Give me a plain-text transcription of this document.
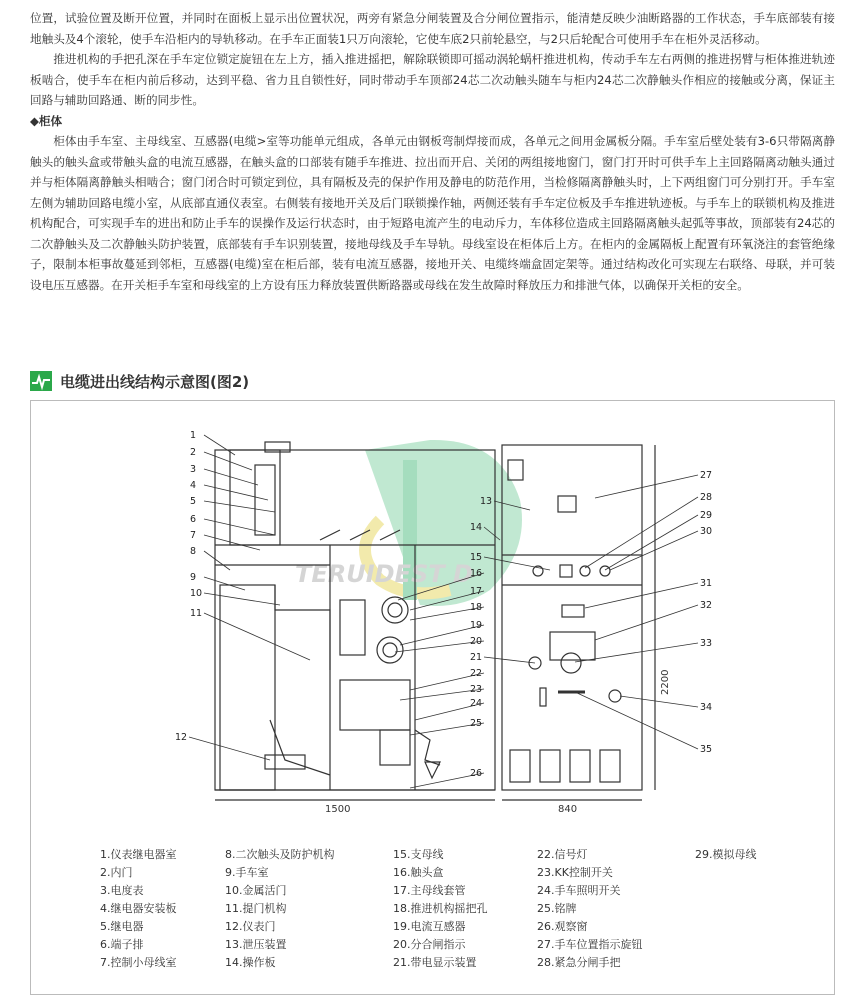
位置，试验位置及断开位置，并同时在面板上显示出位置状况，两旁有紧急分闸装置及合分闸位置指示，能清楚反映少油断路器的工作状态，手车底部装有接地触头及4个滚轮，使手车沿柜内的导轨移动。在手车正面装1只万向滚轮，它使车底2只前轮悬空，与2只后轮配合可使用手车在柜外灵活移动。

推进机构的手把孔深在手车定位锁定旋钮在左上方，插入推进摇把，解除联锁即可摇动涡轮蜗杆推进机构，传动手车左右两侧的推进拐臂与柜体推进轨迹板啮合，使手车在柜内前后移动，达到平稳、省力且自锁性好，同时带动手车顶部24芯二次动触头随车与柜内24芯二次静触头作相应的接触或分离，保证主回路与辅助回路通、断的同步性。

◆柜体

柜体由手车室、主母线室、互感器(电缆>室等功能单元组成，各单元由钢板弯制焊接而成，各单元之间用金属板分隔。手车室后壁处装有3-6只带隔离静触头的触头盒或带触头盒的电流互感器，在触头盒的口部装有随手车推进、拉出而开启、关闭的两组接地窗门，窗门打开时可供手车上主回路隔离动触头通过并与柜体隔离静触头相啮合；窗门闭合时可锁定到位，具有隔板及壳的保护作用及静电的防范作用，当检修隔离静触头时，上下两组窗门可分别打开。手车室左侧为辅助回路电缆小室，从底部直通仪表室。右侧装有接地开关及后门联锁操作轴，两侧还装有手车定位板及手车推进轨迹板。与手车上的联锁机构及推进机构配合，可实现手车的进出和防止手车的误操作及运行状态时，由于短路电流产生的电动斥力，车体移位造成主回路隔离触头起弧等事故，顶部装有24芯的二次静触头及二次静触头防护装置，底部装有手车识别装置，接地母线及手车导轨。母线室设在柜体后上方。在柜内的金属隔板上配置有环氧浇注的套管绝缘子，限制本柜事故蔓延到邻柜，互感器(电缆)室在柜后部，装有电流互感器，接地开关、电缆终端盒固定架等。通过结构改化可实现左右联络、母联，并可装设电压互感器。在开关柜手车室和母线室的上方设有压力释放装置供断路器或母线在发生故障时释放压力和排泄气体，以确保开关柜的安全。

电缆进出线结构示意图(图2)
TERUIDEST D
1500	840
2200
1
2
3
4
5
6
7
8
9
10
11
12
13
14
15
16
17
18
19
20
21
22
23
24
25
26
27
28
29
30
31
32
33
34
35
1.仪表继电器室
2.内门
3.电度表
4.继电器安装板
5.继电器
6.端子排
7.控制小母线室
8.二次触头及防护机构
9.手车室
10.金属活门
11.提门机构
12.仪表门
13.泄压装置
14.操作板
15.支母线
16.触头盒
17.主母线套管
18.推进机构摇把孔
19.电流互感器
20.分合闸指示
21.带电显示装置
22.信号灯
23.KK控制开关
24.手车照明开关
25.铭牌
26.观察窗
27.手车位置指示旋钮
28.紧急分闸手把
29.模拟母线
